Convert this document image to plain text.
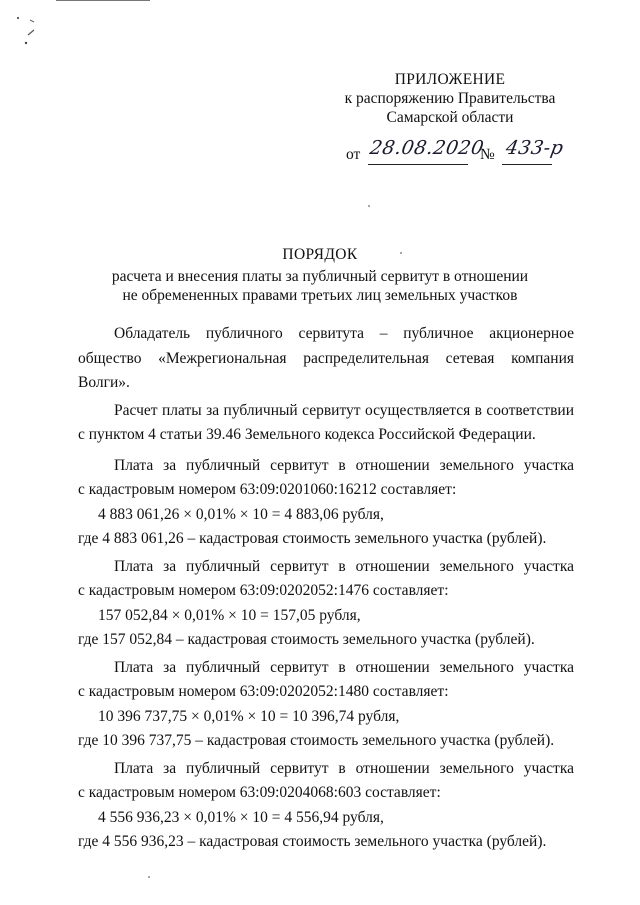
ПРИЛОЖЕНИЕ
к распоряжению Правительства
Самарской области
от 28.08.2020
№ 433-р
ПОРЯДОК
расчета и внесения платы за публичный сервитут в отношении
не обремененных правами третьих лиц земельных участков
Обладатель публичного сервитута – публичное акционерное
общество «Межрегиональная распределительная сетевая компания Волги».
Расчет платы за публичный сервитут осуществляется в соответствии
с пунктом 4 статьи 39.46 Земельного кодекса Российской Федерации.
Плата за публичный сервитут в отношении земельного участка
с кадастровым номером 63:09:0201060:16212 составляет:
4 883 061,26 × 0,01% × 10 = 4 883,06 рубля,
где 4 883 061,26 – кадастровая стоимость земельного участка (рублей).
Плата за публичный сервитут в отношении земельного участка
с кадастровым номером 63:09:0202052:1476 составляет:
157 052,84 × 0,01% × 10 = 157,05 рубля,
где 157 052,84 – кадастровая стоимость земельного участка (рублей).
Плата за публичный сервитут в отношении земельного участка
с кадастровым номером 63:09:0202052:1480 составляет:
10 396 737,75 × 0,01% × 10 = 10 396,74 рубля,
где 10 396 737,75 – кадастровая стоимость земельного участка (рублей).
Плата за публичный сервитут в отношении земельного участка
с кадастровым номером 63:09:0204068:603 составляет:
4 556 936,23 × 0,01% × 10 = 4 556,94 рубля,
где 4 556 936,23 – кадастровая стоимость земельного участка (рублей).
